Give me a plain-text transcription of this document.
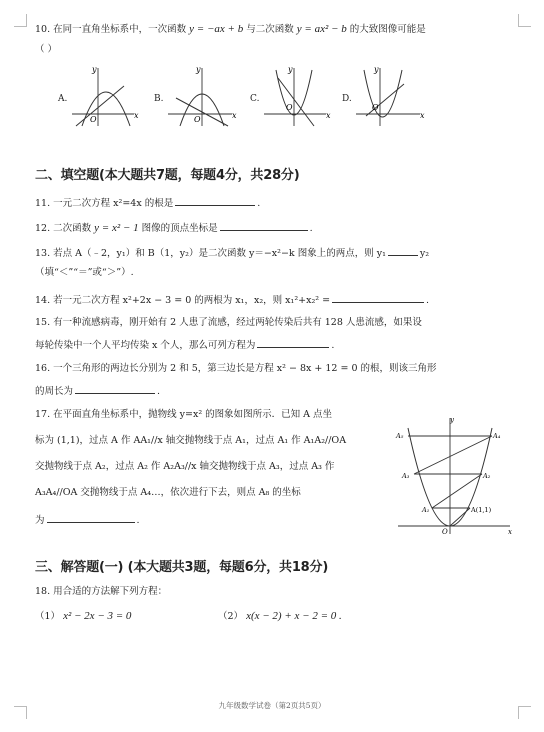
10. 在同一直角坐标系中，一次函数 y = −ax + b 与二次函数 y = ax² − b 的大致图像可能是
（ ）
A.	B.	C.	D.
y
x
O
y
x
O
y
x
O
y
x
O
二、填空题(本大题共7题，每题4分，共28分)
11. 一元二次方程 x²=4x 的根是	.
12. 二次函数 y = x² − 1 图像的顶点坐标是	.
13. 若点 A（﹣2，y₁）和 B（1，y₂）是二次函数 y＝−x²−k 图象上的两点，则 y₁	y₂
（填“＜”“＝”或“＞”）.
14. 若一元二次方程 x²+2x − 3 = 0 的两根为 x₁，x₂，则 x₁²+x₂² =	.
15. 有一种流感病毒，刚开始有 2 人患了流感，经过两轮传染后共有 128 人患流感，如果设
每轮传染中一个人平均传染 x 个人，那么可列方程为	.
16. 一个三角形的两边长分别为 2 和 5，第三边长是方程 x² − 8x + 12 = 0 的根，则该三角形
的周长为	.
17. 在平面直角坐标系中，抛物线 y=x² 的图象如图所示．已知 A 点坐
标为 (1,1)，过点 A 作 AA₁//x 轴交抛物线于点 A₁，过点 A₁ 作 A₁A₂//OA
交抛物线于点 A₂，过点 A₂ 作 A₂A₃//x 轴交抛物线于点 A₃，过点 A₃ 作
A₃A₄//OA 交抛物线于点 A₄…，依次进行下去，则点 A₈ 的坐标
为	.
y
x
O
A(1,1)
A₁
A₂
A₃
A₄
A₅
三、解答题(一) (本大题共3题，每题6分，共18分)
18. 用合适的方法解下列方程：
（1） x² − 2x − 3 = 0	（2） x(x − 2) + x − 2 = 0 .
九年级数学试卷（第2页共5页）
